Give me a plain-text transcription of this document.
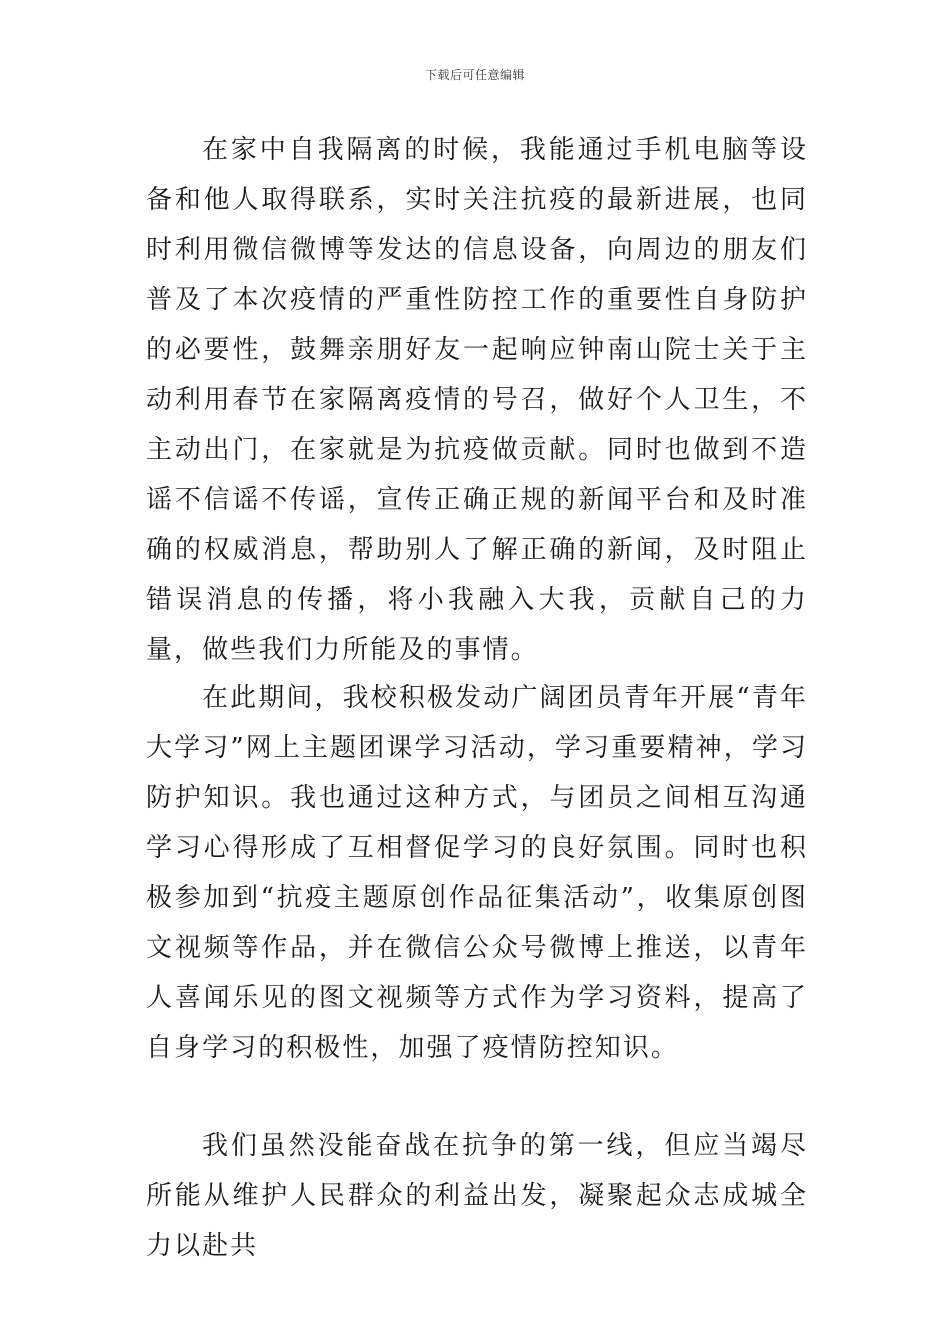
下载后可任意编辑

在家中自我隔离的时候，我能通过手机电脑等设备和他人取得联系，实时关注抗疫的最新进展，也同时利用微信微博等发达的信息设备，向周边的朋友们普及了本次疫情的严重性防控工作的重要性自身防护的必要性，鼓舞亲朋好友一起响应钟南山院士关于主动利用春节在家隔离疫情的号召，做好个人卫生，不主动出门，在家就是为抗疫做贡献。同时也做到不造谣不信谣不传谣，宣传正确正规的新闻平台和及时准确的权威消息，帮助别人了解正确的新闻，及时阻止错误消息的传播，将小我融入大我，贡献自己的力量，做些我们力所能及的事情。

在此期间，我校积极发动广阔团员青年开展“青年大学习”网上主题团课学习活动，学习重要精神，学习防护知识。我也通过这种方式，与团员之间相互沟通学习心得形成了互相督促学习的良好氛围。同时也积极参加到“抗疫主题原创作品征集活动”，收集原创图文视频等作品，并在微信公众号微博上推送，以青年人喜闻乐见的图文视频等方式作为学习资料，提高了自身学习的积极性，加强了疫情防控知识。

我们虽然没能奋战在抗争的第一线，但应当竭尽所能从维护人民群众的利益出发，凝聚起众志成城全力以赴共
